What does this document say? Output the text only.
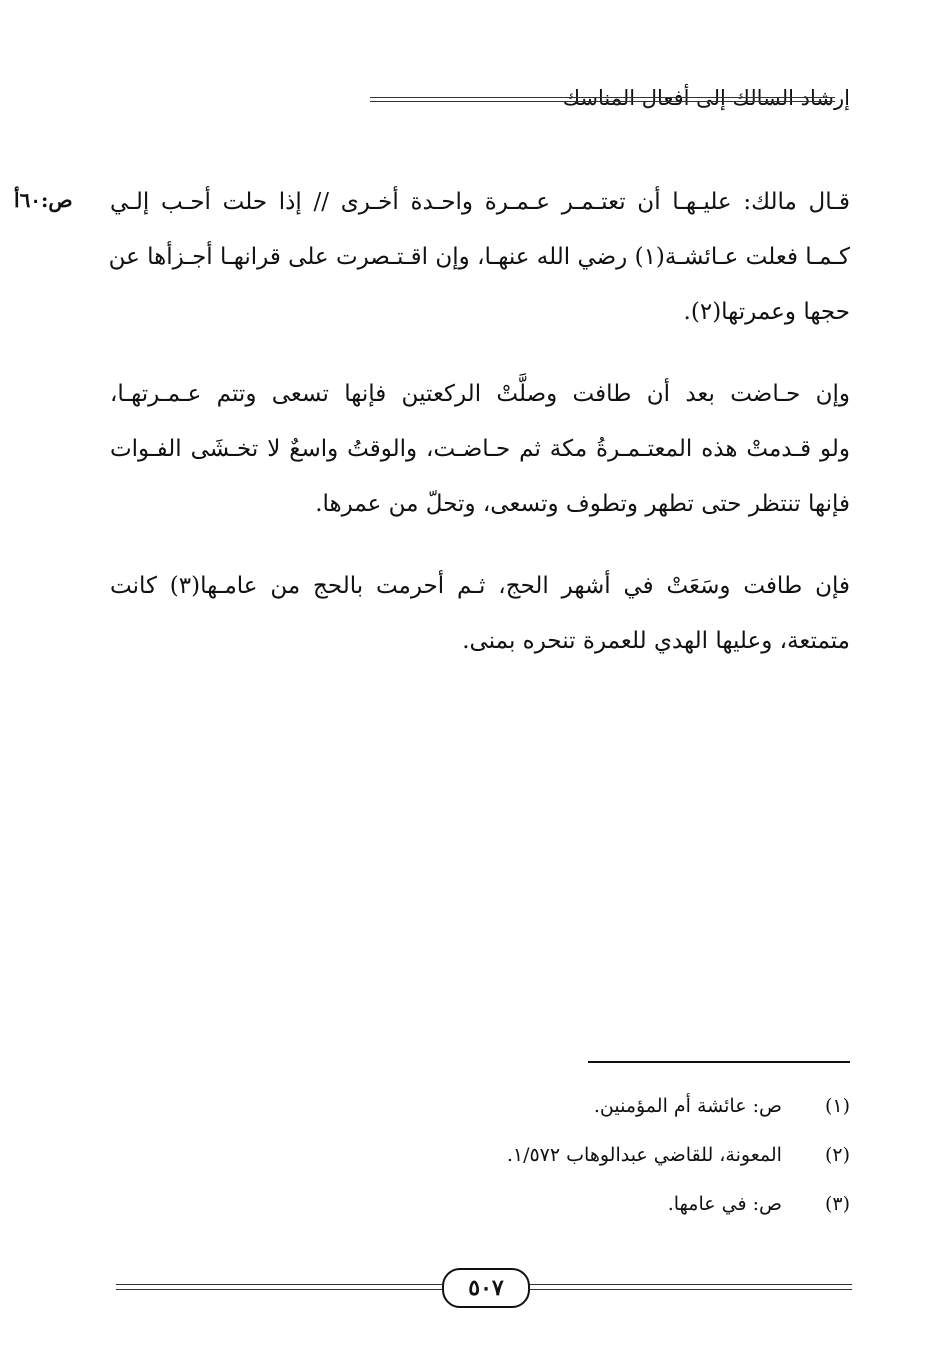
إرشاد السالك إلى أفعال المناسك
ص:٦٠أ قـال مالك: عليـهـا أن تعتـمـر عـمـرة واحـدة أخـرى // إذا حلت أحـب إلـي
كـمـا فعلت عـائشـة(١) رضي الله عنهـا، وإن اقـتـصرت على قرانهـا أجـزأها عن
حجها وعمرتها(٢).
وإن حـاضت بعد أن طافت وصلَّتْ الركعتين فإنها تسعى وتتم عـمـرتهـا،
ولو قـدمتْ هذه المعتـمـرةُ مكة ثم حـاضـت، والوقتُ واسعٌ لا تخـشَى الفـوات
فإنها تنتظر حتى تطهر وتطوف وتسعى، وتحلّ من عمرها.
فإن طافت وسَعَتْ في أشهر الحج، ثـم أحرمت بالحج من عامـها(٣) كانت
متمتعة، وعليها الهدي للعمرة تنحره بمنى.
(١) ص: عائشة أم المؤمنين.
(٢) المعونة، للقاضي عبدالوهاب ١/٥٧٢.
(٣) ص: في عامها.
٥٠٧
